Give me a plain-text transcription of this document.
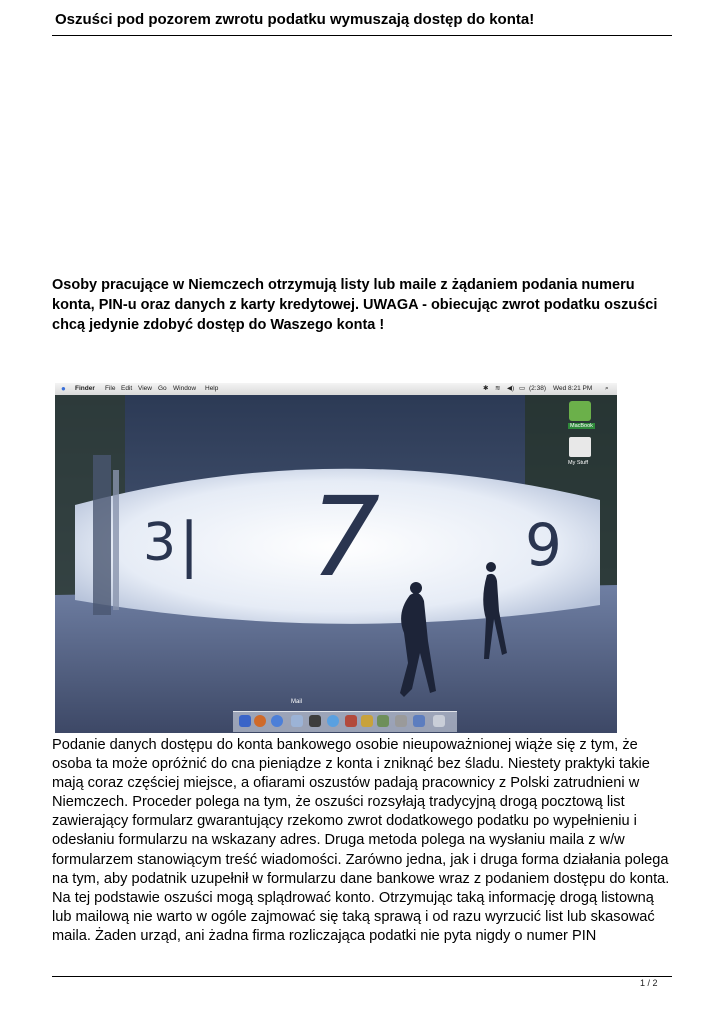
Oszuści pod pozorem zwrotu podatku wymuszają dostęp do konta!
Osoby pracujące w Niemczech otrzymują listy lub maile z żądaniem podania numeru konta, PIN-u oraz danych z karty kredytowej. UWAGA - obiecując zwrot podatku oszuści chcą jedynie zdobyć dostęp do Waszego konta !
● Finder File Edit View Go Window Help	✱ ≋ ◀) ▭ (2:38) Wed 8:21 PM ⌕
3 | 7	9
MacBook
My Stuff
Mail
Podanie danych dostępu do konta bankowego osobie nieupoważnionej wiąże się z tym, że osoba ta może opróżnić do cna pieniądze z konta i zniknąć bez śladu. Niestety praktyki takie mają coraz częściej miejsce, a ofiarami oszustów padają pracownicy z Polski zatrudnieni w Niemczech. Proceder polega na tym, że oszuści rozsyłają tradycyjną drogą pocztową list zawierający formularz gwarantujący rzekomo zwrot dodatkowego podatku po wypełnieniu i odesłaniu formularzu na wskazany adres. Druga metoda polega na wysłaniu maila z w/w formularzem stanowiącym treść wiadomości. Zarówno jedna, jak i druga forma działania polega na tym, aby podatnik uzupełnił w formularzu dane bankowe wraz z podaniem dostępu do konta. Na tej podstawie oszuści mogą splądrować konto. Otrzymując taką informację drogą listowną lub mailową nie warto w ogóle zajmować się taką sprawą i od razu wyrzucić list lub skasować maila. Żaden urząd, ani żadna firma rozliczająca podatki nie pyta nigdy o numer PIN
1 / 2
